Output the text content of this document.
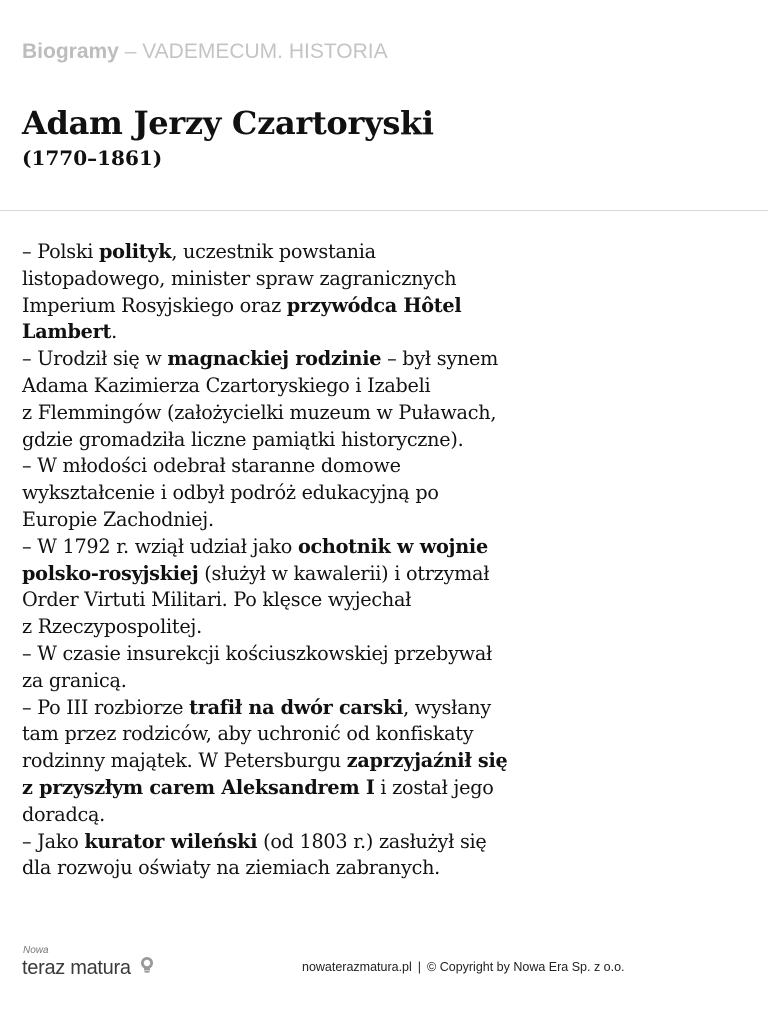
Biogramy – VADEMECUM. HISTORIA
Adam Jerzy Czartoryski
(1770–1861)
– Polski polityk, uczestnik powstania
listopadowego, minister spraw zagranicznych
Imperium Rosyjskiego oraz przywódca Hôtel
Lambert.
– Urodził się w magnackiej rodzinie – był synem
Adama Kazimierza Czartoryskiego i Izabeli
z Flemmingów (założycielki muzeum w Puławach,
gdzie gromadziła liczne pamiątki historyczne).
– W młodości odebrał staranne domowe
wykształcenie i odbył podróż edukacyjną po
Europie Zachodniej.
– W 1792 r. wziął udział jako ochotnik w wojnie
polsko-rosyjskiej (służył w kawalerii) i otrzymał
Order Virtuti Militari. Po klęsce wyjechał
z Rzeczypospolitej.
– W czasie insurekcji kościuszkowskiej przebywał
za granicą.
– Po III rozbiorze trafił na dwór carski, wysłany
tam przez rodziców, aby uchronić od konfiskaty
rodzinny majątek. W Petersburgu zaprzyjaźnił się
z przyszłym carem Aleksandrem I i został jego
doradcą.
– Jako kurator wileński (od 1803 r.) zasłużył się
dla rozwoju oświaty na ziemiach zabranych.
Nowa
teraz matura	nowaterazmatura.pl | © Copyright by Nowa Era Sp. z o.o.
